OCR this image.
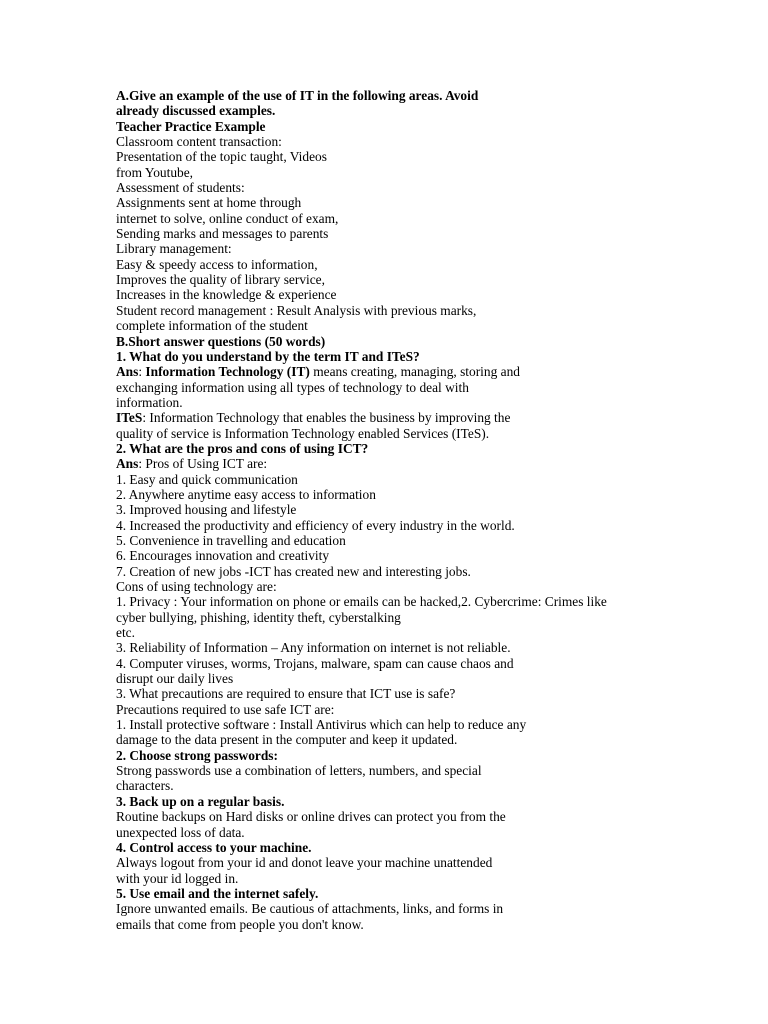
A.Give an example of the use of IT in the following areas. Avoid

already discussed examples.

Teacher Practice Example

Classroom content transaction:

Presentation of the topic taught, Videos

from Youtube,

Assessment of students:

Assignments sent at home through

internet to solve, online conduct of exam,

Sending marks and messages to parents

Library management:

Easy & speedy access to information,

Improves the quality of library service,

Increases in the knowledge & experience

Student record management : Result Analysis with previous marks,

complete information of the student

B.Short answer questions (50 words)

1. What do you understand by the term IT and ITeS?

Ans: Information Technology (IT) means creating, managing, storing and

exchanging information using all types of technology to deal with

information.

ITeS: Information Technology that enables the business by improving the

quality of service is Information Technology enabled Services (ITeS).

2. What are the pros and cons of using ICT?

Ans: Pros of Using ICT are:

1. Easy and quick communication

2. Anywhere anytime easy access to information

3. Improved housing and lifestyle

4. Increased the productivity and efficiency of every industry in the world.

5. Convenience in travelling and education

6. Encourages innovation and creativity

7. Creation of new jobs -ICT has created new and interesting jobs.

Cons of using technology are:

1. Privacy : Your information on phone or emails can be hacked,2. Cybercrime: Crimes like

cyber bullying, phishing, identity theft, cyberstalking

etc.

3. Reliability of Information – Any information on internet is not reliable.

4. Computer viruses, worms, Trojans, malware, spam can cause chaos and

disrupt our daily lives

3. What precautions are required to ensure that ICT use is safe?

Precautions required to use safe ICT are:

1. Install protective software : Install Antivirus which can help to reduce any

damage to the data present in the computer and keep it updated.

2. Choose strong passwords:

Strong passwords use a combination of letters, numbers, and special

characters.

3. Back up on a regular basis.

Routine backups on Hard disks or online drives can protect you from the

unexpected loss of data.

4. Control access to your machine.

Always logout from your id and donot leave your machine unattended

with your id logged in.

5. Use email and the internet safely.

Ignore unwanted emails. Be cautious of attachments, links, and forms in

emails that come from people you don't know.
